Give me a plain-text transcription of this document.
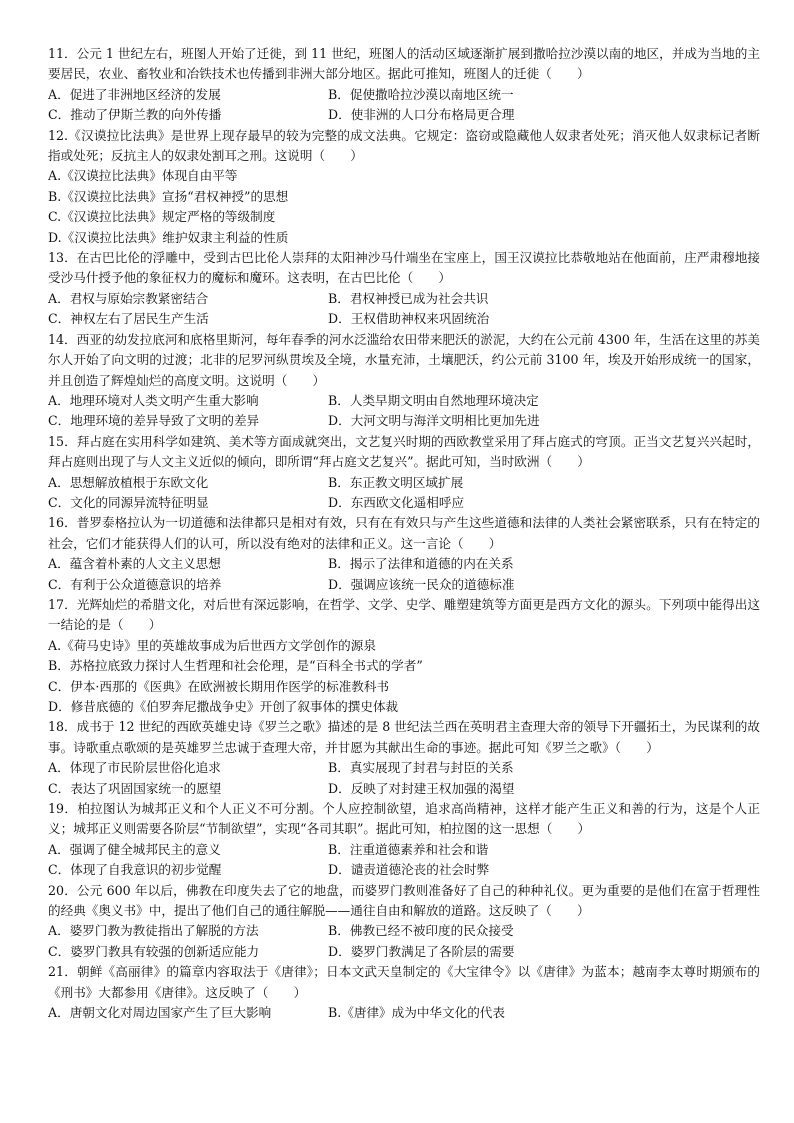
11．公元 1 世纪左右，班图人开始了迁徙，到 11 世纪，班图人的活动区域逐渐扩展到撒哈拉沙漠以南的地区，并成为当地的主要居民，农业、畜牧业和冶铁技术也传播到非洲大部分地区。据此可推知，班图人的迁徙（　　）

A．促进了非洲地区经济的发展	B．促使撒哈拉沙漠以南地区统一

C．推动了伊斯兰教的向外传播	D．使非洲的人口分布格局更合理

12.《汉谟拉比法典》是世界上现存最早的较为完整的成文法典。它规定：盗窃或隐藏他人奴隶者处死；消灭他人奴隶标记者断指或处死；反抗主人的奴隶处割耳之刑。这说明（　　）

A.《汉谟拉比法典》体现自由平等

B.《汉谟拉比法典》宣扬“君权神授”的思想

C.《汉谟拉比法典》规定严格的等级制度

D.《汉谟拉比法典》维护奴隶主利益的性质

13．在古巴比伦的浮雕中，受到古巴比伦人崇拜的太阳神沙马什端坐在宝座上，国王汉谟拉比恭敬地站在他面前，庄严肃穆地接受沙马什授予他的象征权力的魔标和魔环。这表明，在古巴比伦（　　）

A．君权与原始宗教紧密结合	B．君权神授已成为社会共识

C．神权左右了居民生产生活	D．王权借助神权来巩固统治

14．西亚的幼发拉底河和底格里斯河，每年春季的河水泛滥给农田带来肥沃的淤泥，大约在公元前 4300 年，生活在这里的苏美尔人开始了向文明的过渡；北非的尼罗河纵贯埃及全境，水量充沛，土壤肥沃，约公元前 3100 年，埃及开始形成统一的国家，并且创造了辉煌灿烂的高度文明。这说明（　　）

A．地理环境对人类文明产生重大影响	B．人类早期文明由自然地理环境决定

C．地理环境的差异导致了文明的差异	D．大河文明与海洋文明相比更加先进

15．拜占庭在实用科学如建筑、美术等方面成就突出，文艺复兴时期的西欧教堂采用了拜占庭式的穹顶。正当文艺复兴兴起时，拜占庭则出现了与人文主义近似的倾向，即所谓“拜占庭文艺复兴”。据此可知，当时欧洲（　　）

A．思想解放植根于东欧文化	B．东正教文明区域扩展

C．文化的同源异流特征明显	D．东西欧文化遥相呼应

16．普罗泰格拉认为一切道德和法律都只是相对有效，只有在有效只与产生这些道德和法律的人类社会紧密联系，只有在特定的社会，它们才能获得人们的认可，所以没有绝对的法律和正义。这一言论（　　）

A．蕴含着朴素的人文主义思想	B．揭示了法律和道德的内在关系

C．有利于公众道德意识的培养	D．强调应该统一民众的道德标准

17．光辉灿烂的希腊文化，对后世有深远影响，在哲学、文学、史学、雕塑建筑等方面更是西方文化的源头。下列项中能得出这一结论的是（　　）

A.《荷马史诗》里的英雄故事成为后世西方文学创作的源泉

B．苏格拉底致力探讨人生哲理和社会伦理，是“百科全书式的学者”

C．伊本·西那的《医典》在欧洲被长期用作医学的标准教科书

D．修昔底德的《伯罗奔尼撒战争史》开创了叙事体的撰史体裁

18．成书于 12 世纪的西欧英雄史诗《罗兰之歌》描述的是 8 世纪法兰西在英明君主查理大帝的领导下开疆拓土，为民谋利的故事。诗歌重点歌颂的是英雄罗兰忠诚于查理大帝，并甘愿为其献出生命的事迹。据此可知《罗兰之歌》（　　）

A．体现了市民阶层世俗化追求	B．真实展现了封君与封臣的关系

C．表达了巩固国家统一的愿望	D．反映了对封建王权加强的渴望

19．柏拉图认为城邦正义和个人正义不可分割。个人应控制欲望，追求高尚精神，这样才能产生正义和善的行为，这是个人正义；城邦正义则需要各阶层“节制欲望”，实现“各司其职”。据此可知，柏拉图的这一思想（　　）

A．强调了健全城邦民主的意义	B．注重道德素养和社会和谐

C．体现了自我意识的初步觉醒	D．谴责道德沦丧的社会时弊

20．公元 600 年以后，佛教在印度失去了它的地盘，而婆罗门教则准备好了自己的种种礼仪。更为重要的是他们在富于哲理性的经典《奥义书》中，提出了他们自己的通往解脱——通往自由和解放的道路。这反映了（　　）

A．婆罗门教为教徒指出了解脱的方法	B．佛教已经不被印度的民众接受

C．婆罗门教具有较强的创新适应能力	D．婆罗门教满足了各阶层的需要

21．朝鲜《高丽律》的篇章内容取法于《唐律》；日本文武天皇制定的《大宝律令》以《唐律》为蓝本；越南李太尊时期颁布的《刑书》大都参用《唐律》。这反映了（　　）

A．唐朝文化对周边国家产生了巨大影响	B.《唐律》成为中华文化的代表
